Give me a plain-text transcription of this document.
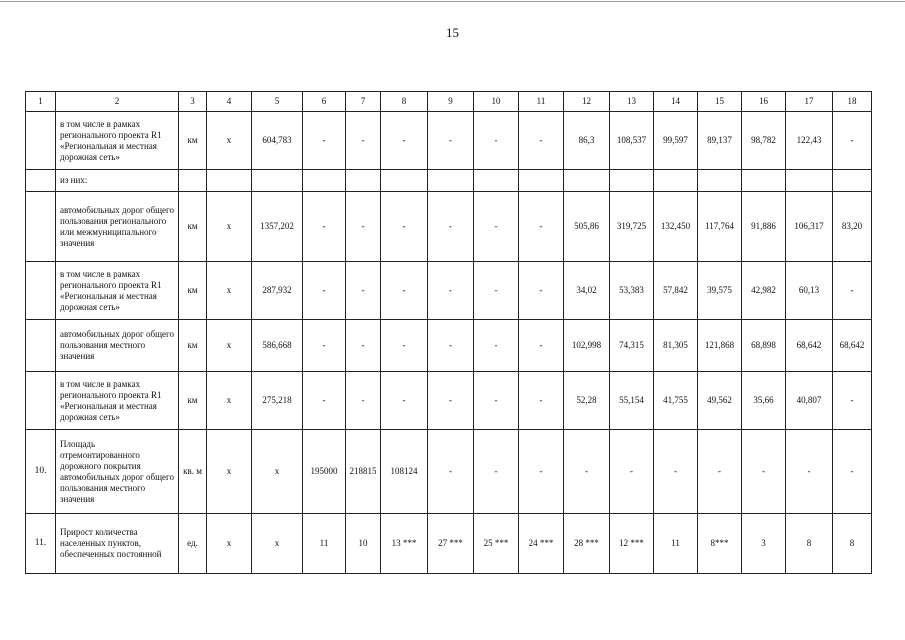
15
1	2	3	4	5	6	7	8	9	10	11	12	13	14	15	16	17	18
	в том числе в рамках регионального проекта R1 «Региональная и местная дорожная сеть»	км	х	604,783	-	-	-	-	-	-	86,3	108,537	99,597	89,137	98,782	122,43	-
	из них:																
	автомобильных дорог общего пользования регионального или межмуниципального значения	км	х	1357,202	-	-	-	-	-	-	505,86	319,725	132,450	117,764	91,886	106,317	83,20
	в том числе в рамках регионального проекта R1 «Региональная и местная дорожная сеть»	км	х	287,932	-	-	-	-	-	-	34,02	53,383	57,842	39,575	42,982	60,13	-
	автомобильных дорог общего пользования местного значения	км	х	586,668	-	-	-	-	-	-	102,998	74,315	81,305	121,868	68,898	68,642	68,642
	в том числе в рамках регионального проекта R1 «Региональная и местная дорожная сеть»	км	х	275,218	-	-	-	-	-	-	52,28	55,154	41,755	49,562	35,66	40,807	-
10.	Площадь отремонтированного дорожного покрытия автомобильных дорог общего пользования местного значения	кв. м	х	х	195000	218815	108124	-	-	-	-	-	-	-	-	-	-
11.	Прирост количества населенных пунктов, обеспеченных постоянной	ед.	х	х	11	10	13 ***	27 ***	25 ***	24 ***	28 ***	12 ***	11	8***	3	8	8
